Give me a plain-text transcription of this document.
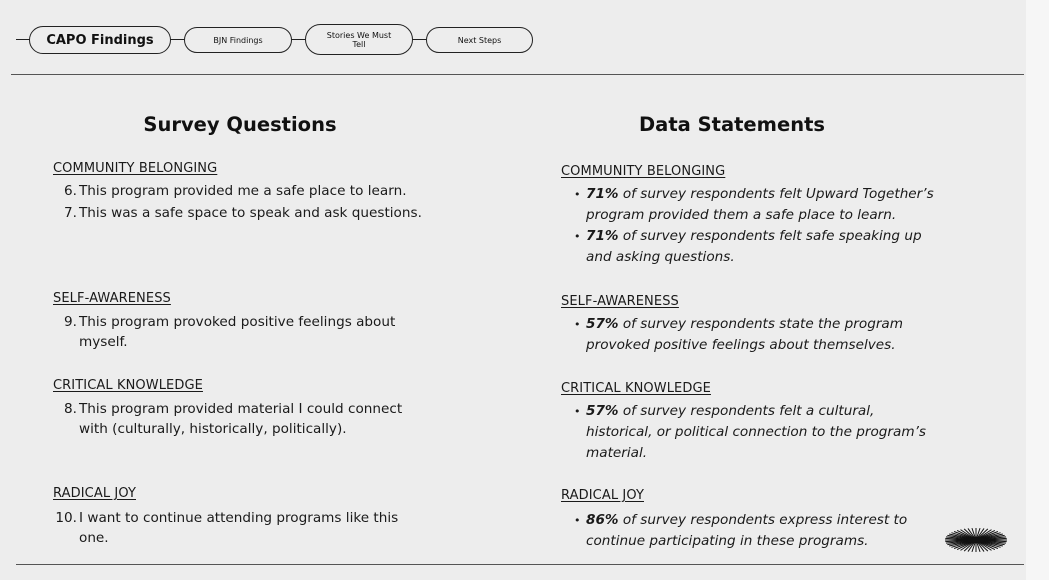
CAPO Findings	BJN Findings
Stories We Must Tell	Next Steps
Survey Questions
COMMUNITY BELONGING
6. This program provided me a safe place to learn.
7. This was a safe space to speak and ask questions.
SELF-AWARENESS
9. This program provoked positive feelings about
myself.
CRITICAL KNOWLEDGE
8. This program provided material I could connect
with (culturally, historically, politically).
RADICAL JOY
10. I want to continue attending programs like this
one.
Data Statements
COMMUNITY BELONGING
• 71% of survey respondents felt Upward Together’s
program provided them a safe place to learn.
• 71% of survey respondents felt safe speaking up
and asking questions.
SELF-AWARENESS
• 57% of survey respondents state the program
provoked positive feelings about themselves.
CRITICAL KNOWLEDGE
• 57% of survey respondents felt a cultural,
historical, or political connection to the program’s
material.
RADICAL JOY
• 86% of survey respondents express interest to
continue participating in these programs.
